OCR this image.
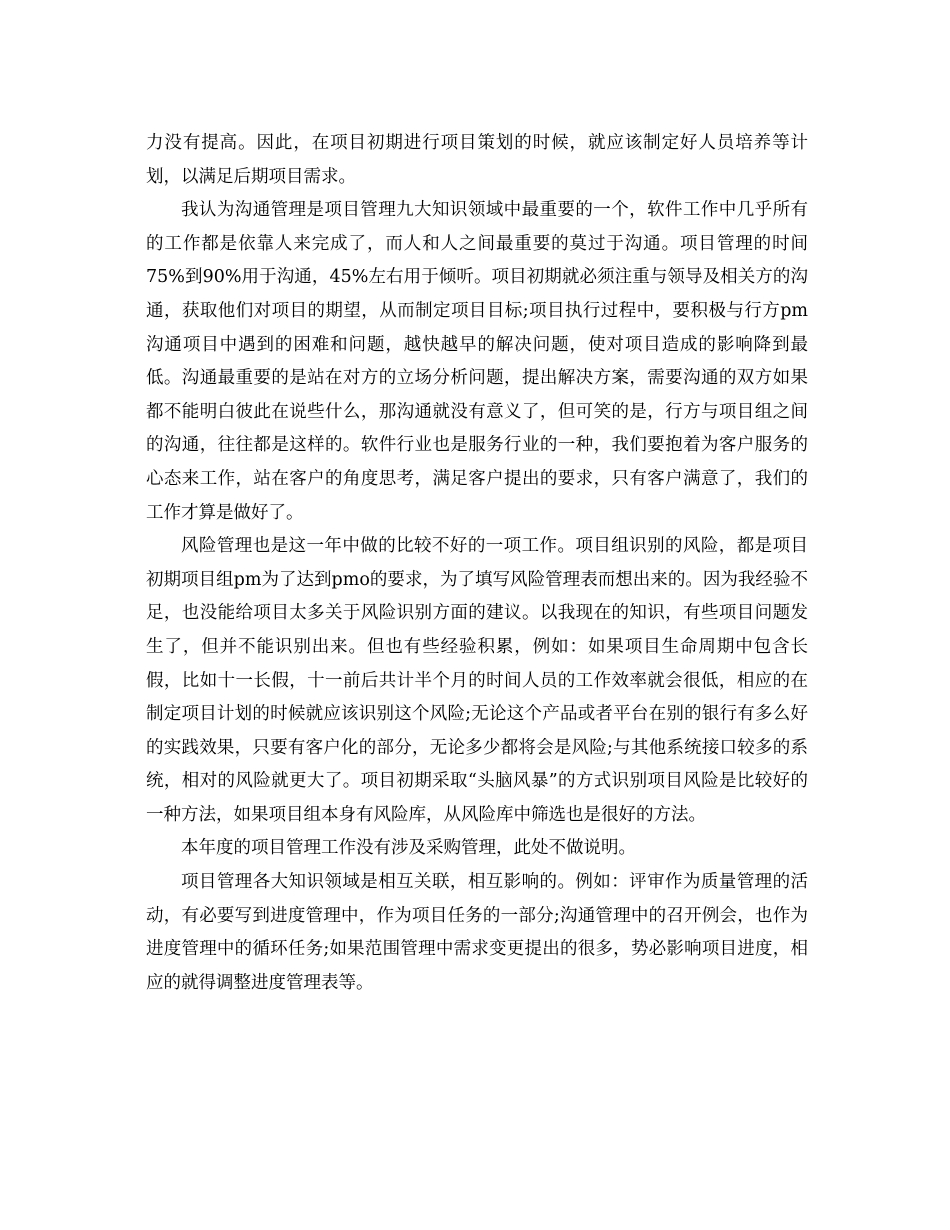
力没有提高。因此，在项目初期进行项目策划的时候，就应该制定好人员培养等计划，以满足后期项目需求。

我认为沟通管理是项目管理九大知识领域中最重要的一个，软件工作中几乎所有的工作都是依靠人来完成了，而人和人之间最重要的莫过于沟通。项目管理的时间75%到90%用于沟通，45%左右用于倾听。项目初期就必须注重与领导及相关方的沟通，获取他们对项目的期望，从而制定项目目标;项目执行过程中，要积极与行方pm沟通项目中遇到的困难和问题，越快越早的解决问题，使对项目造成的影响降到最低。沟通最重要的是站在对方的立场分析问题，提出解决方案，需要沟通的双方如果都不能明白彼此在说些什么，那沟通就没有意义了，但可笑的是，行方与项目组之间的沟通，往往都是这样的。软件行业也是服务行业的一种，我们要抱着为客户服务的心态来工作，站在客户的角度思考，满足客户提出的要求，只有客户满意了，我们的工作才算是做好了。

风险管理也是这一年中做的比较不好的一项工作。项目组识别的风险，都是项目初期项目组pm为了达到pmo的要求，为了填写风险管理表而想出来的。因为我经验不足，也没能给项目太多关于风险识别方面的建议。以我现在的知识，有些项目问题发生了，但并不能识别出来。但也有些经验积累，例如：如果项目生命周期中包含长假，比如十一长假，十一前后共计半个月的时间人员的工作效率就会很低，相应的在制定项目计划的时候就应该识别这个风险;无论这个产品或者平台在别的银行有多么好的实践效果，只要有客户化的部分，无论多少都将会是风险;与其他系统接口较多的系统，相对的风险就更大了。项目初期采取“头脑风暴”的方式识别项目风险是比较好的一种方法，如果项目组本身有风险库，从风险库中筛选也是很好的方法。

本年度的项目管理工作没有涉及采购管理，此处不做说明。

项目管理各大知识领域是相互关联，相互影响的。例如：评审作为质量管理的活动，有必要写到进度管理中，作为项目任务的一部分;沟通管理中的召开例会，也作为进度管理中的循环任务;如果范围管理中需求变更提出的很多，势必影响项目进度，相应的就得调整进度管理表等。
